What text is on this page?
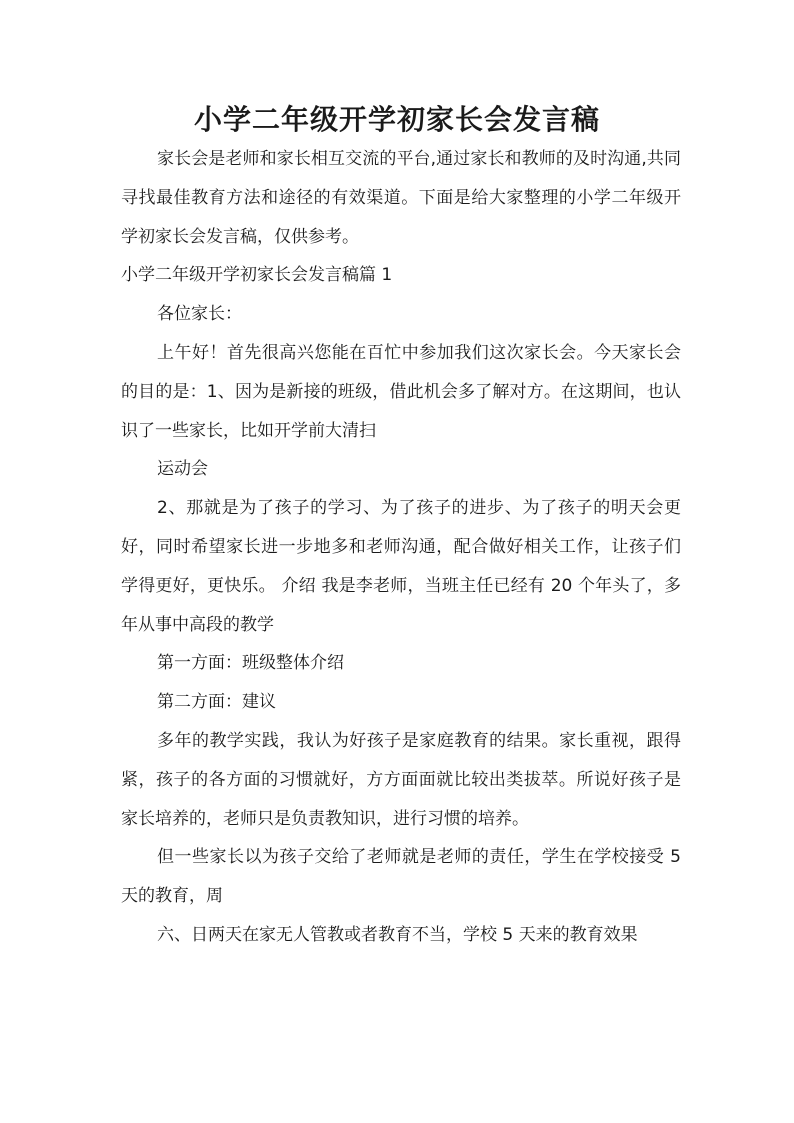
小学二年级开学初家长会发言稿

家长会是老师和家长相互交流的平台,通过家长和教师的及时沟通,共同寻找最佳教育方法和途径的有效渠道。下面是给大家整理的小学二年级开学初家长会发言稿，仅供参考。

小学二年级开学初家长会发言稿篇 1

各位家长：

上午好！首先很高兴您能在百忙中参加我们这次家长会。今天家长会的目的是：1、因为是新接的班级，借此机会多了解对方。在这期间，也认识了一些家长，比如开学前大清扫

运动会

2、那就是为了孩子的学习、为了孩子的进步、为了孩子的明天会更好，同时希望家长进一步地多和老师沟通，配合做好相关工作，让孩子们学得更好，更快乐。 介绍 我是李老师，当班主任已经有 20 个年头了，多年从事中高段的教学

第一方面：班级整体介绍

第二方面：建议

多年的教学实践，我认为好孩子是家庭教育的结果。家长重视，跟得紧，孩子的各方面的习惯就好，方方面面就比较出类拔萃。所说好孩子是家长培养的，老师只是负责教知识，进行习惯的培养。

但一些家长以为孩子交给了老师就是老师的责任，学生在学校接受 5 天的教育，周

六、日两天在家无人管教或者教育不当，学校 5 天来的教育效果
